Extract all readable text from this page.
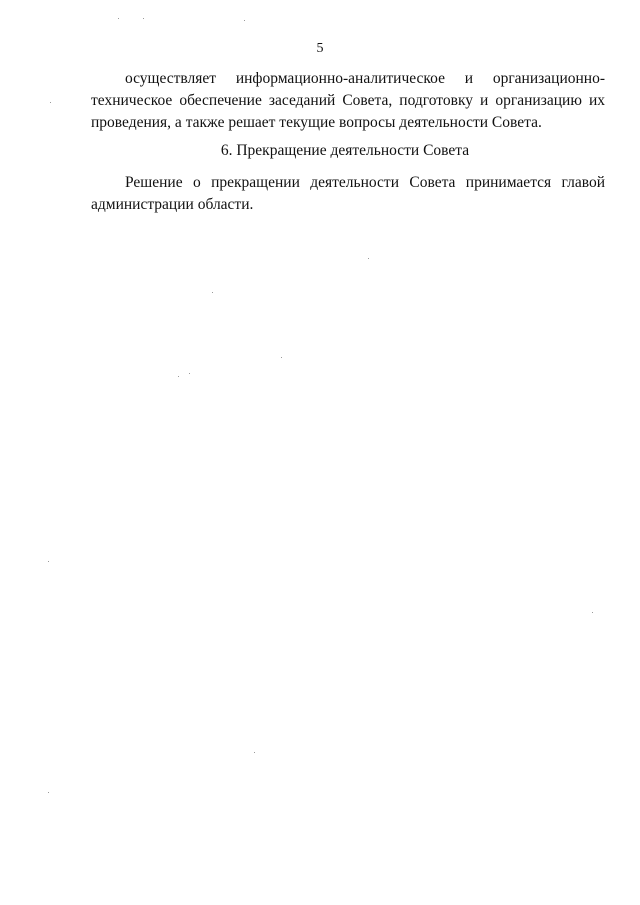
5

осуществляет информационно-аналитическое и организационно-
техническое обеспечение заседаний Совета, подготовку и организацию их
проведения, а также решает текущие вопросы деятельности Совета.

6. Прекращение деятельности Совета

Решение о прекращении деятельности Совета принимается главой
администрации области.
